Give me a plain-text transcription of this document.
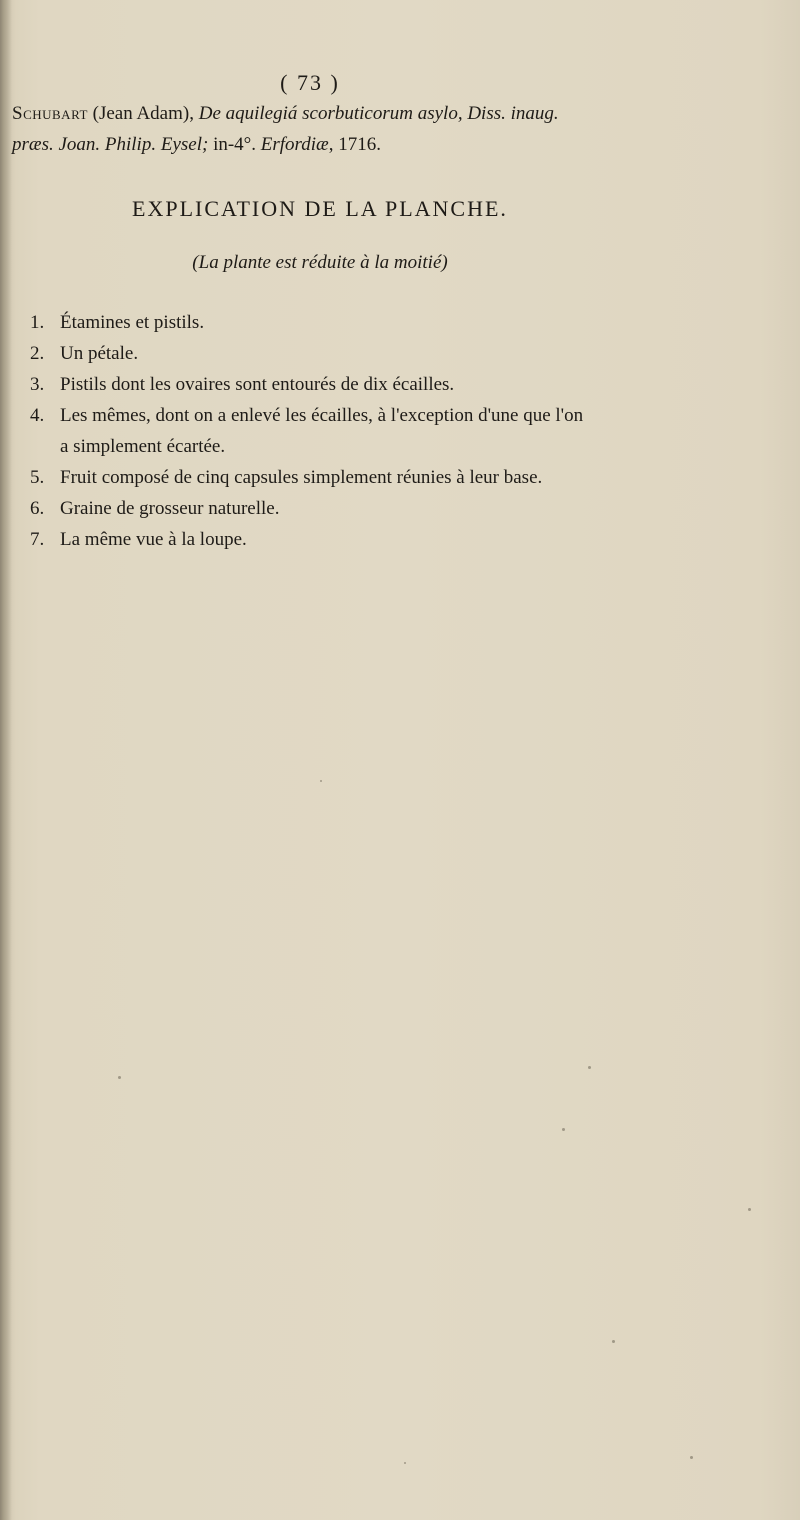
( 73 )
Schubart (Jean Adam), De aquilegiá scorbuticorum asylo, Diss. inaug.
præs. Joan. Philip. Eysel; in-4°. Erfordiæ, 1716.
EXPLICATION DE LA PLANCHE.
(La plante est réduite à la moitié)
1. Étamines et pistils.
2. Un pétale.
3. Pistils dont les ovaires sont entourés de dix écailles.
4. Les mêmes, dont on a enlevé les écailles, à l'exception d'une que l'on
a simplement écartée.
5. Fruit composé de cinq capsules simplement réunies à leur base.
6. Graine de grosseur naturelle.
7. La même vue à la loupe.
